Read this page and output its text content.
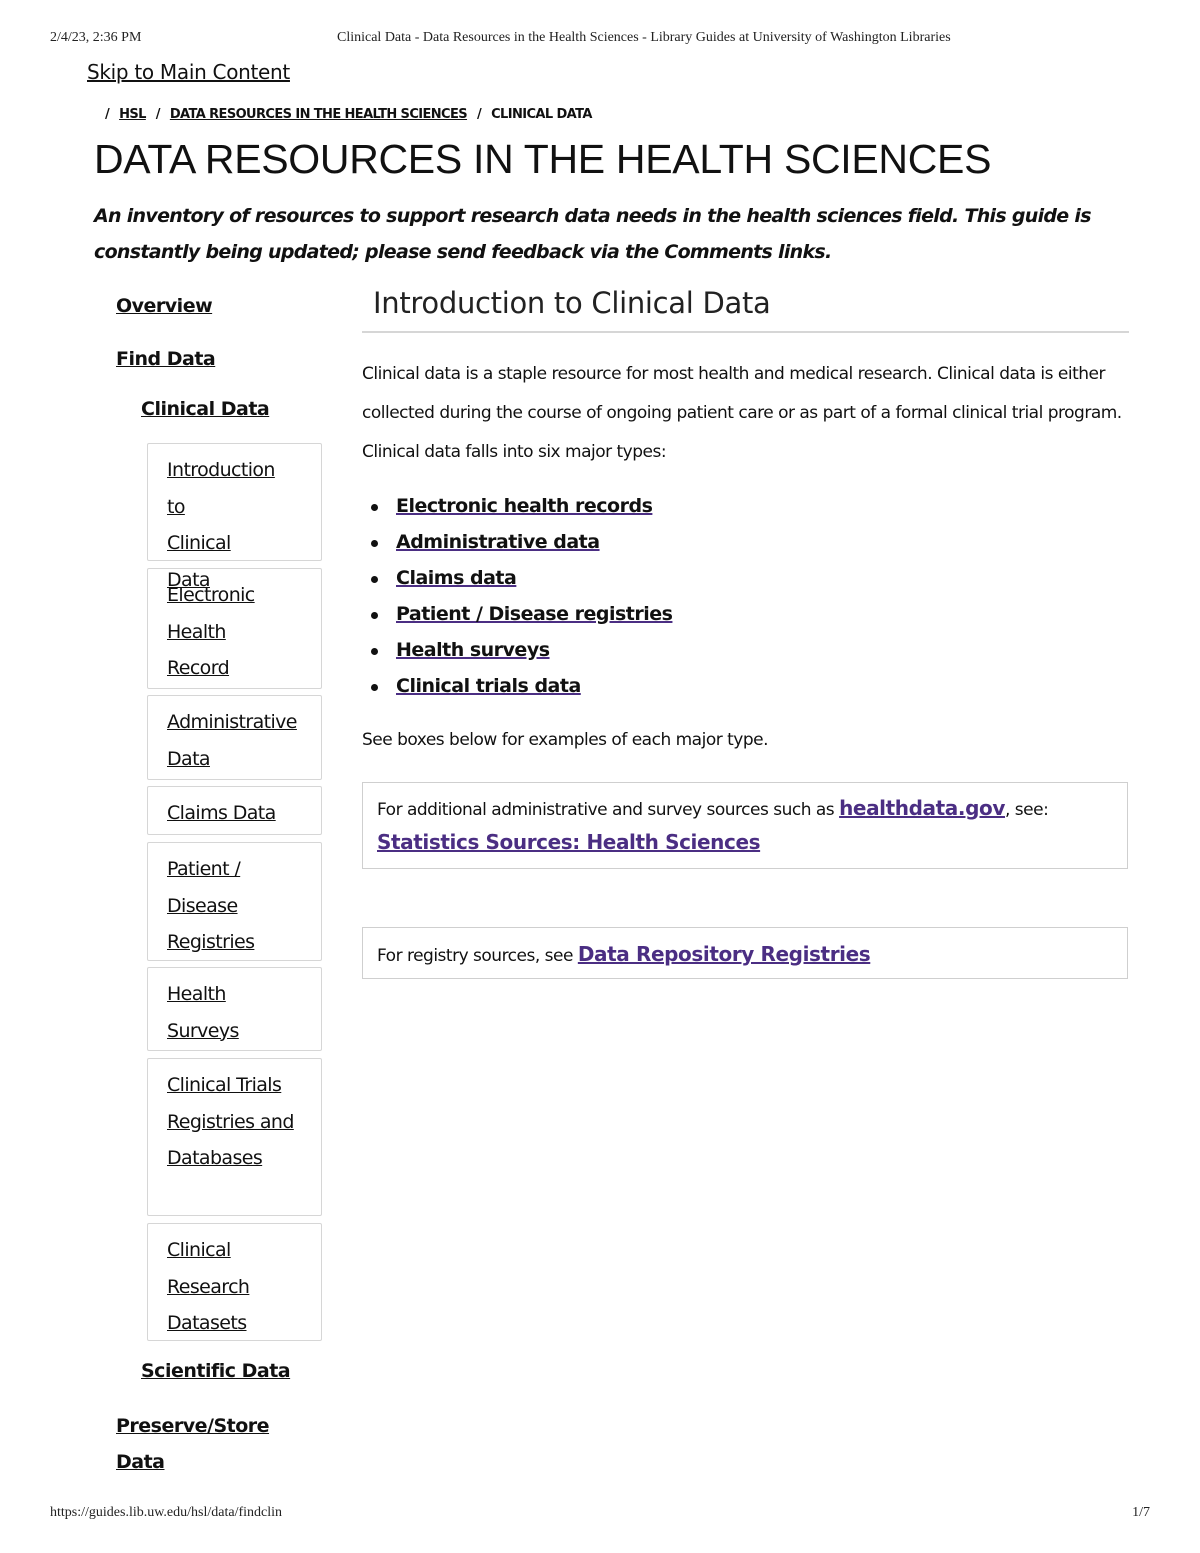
2/4/23, 2:36 PM	Clinical Data - Data Resources in the Health Sciences - Library Guides at University of Washington Libraries
Skip to Main Content
/ HSL / DATA RESOURCES IN THE HEALTH SCIENCES / CLINICAL DATA
DATA RESOURCES IN THE HEALTH SCIENCES

An inventory of resources to support research data needs in the health sciences field. This guide is constantly being updated; please send feedback via the Comments links.

Overview
Find Data
Clinical Data
Introduction to Clinical Data
Electronic Health Record
Administrative Data
Claims Data
Patient / Disease Registries
Health Surveys
Clinical Trials Registries and Databases
Clinical Research Datasets
Scientific Data
Preserve/Store Data
Introduction to Clinical Data

Clinical data is a staple resource for most health and medical research. Clinical data is either collected during the course of ongoing patient care or as part of a formal clinical trial program. Clinical data falls into six major types:

Electronic health records
Administrative data
Claims data
Patient / Disease registries
Health surveys
Clinical trials data

See boxes below for examples of each major type.

For additional administrative and survey sources such as healthdata.gov, see:
Statistics Sources: Health Sciences
For registry sources, see Data Repository Registries
https://guides.lib.uw.edu/hsl/data/findclin	1/7
